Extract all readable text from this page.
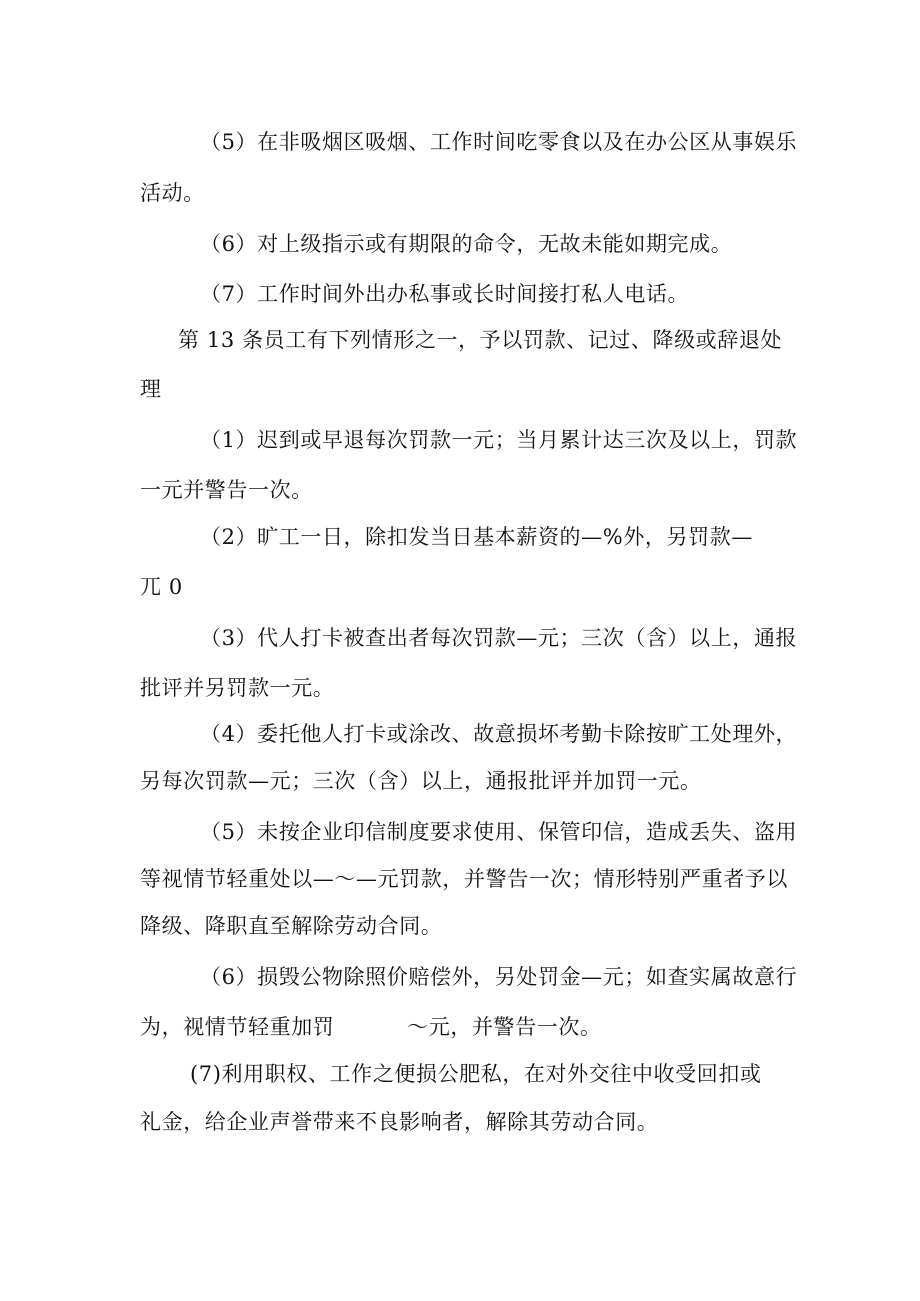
（5）在非吸烟区吸烟、工作时间吃零食以及在办公区从事娱乐

活动。

（6）对上级指示或有期限的命令，无故未能如期完成。

（7）工作时间外出办私事或长时间接打私人电话。

第 13 条员工有下列情形之一，予以罚款、记过、降级或辞退处

理

（1）迟到或早退每次罚款一元；当月累计达三次及以上，罚款

一元并警告一次。

（2）旷工一日，除扣发当日基本薪资的—%外，另罚款—

兀 0

（3）代人打卡被查出者每次罚款—元；三次（含）以上，通报

批评并另罚款一元。

（4）委托他人打卡或涂改、故意损坏考勤卡除按旷工处理外，

另每次罚款—元；三次（含）以上，通报批评并加罚一元。

（5）未按企业印信制度要求使用、保管印信，造成丢失、盗用

等视情节轻重处以—～—元罚款，并警告一次；情形特别严重者予以

降级、降职直至解除劳动合同。

（6）损毁公物除照价赔偿外，另处罚金—元；如查实属故意行

为，视情节轻重加罚          ～元，并警告一次。

(7)利用职权、工作之便损公肥私，在对外交往中收受回扣或

礼金，给企业声誉带来不良影响者，解除其劳动合同。
